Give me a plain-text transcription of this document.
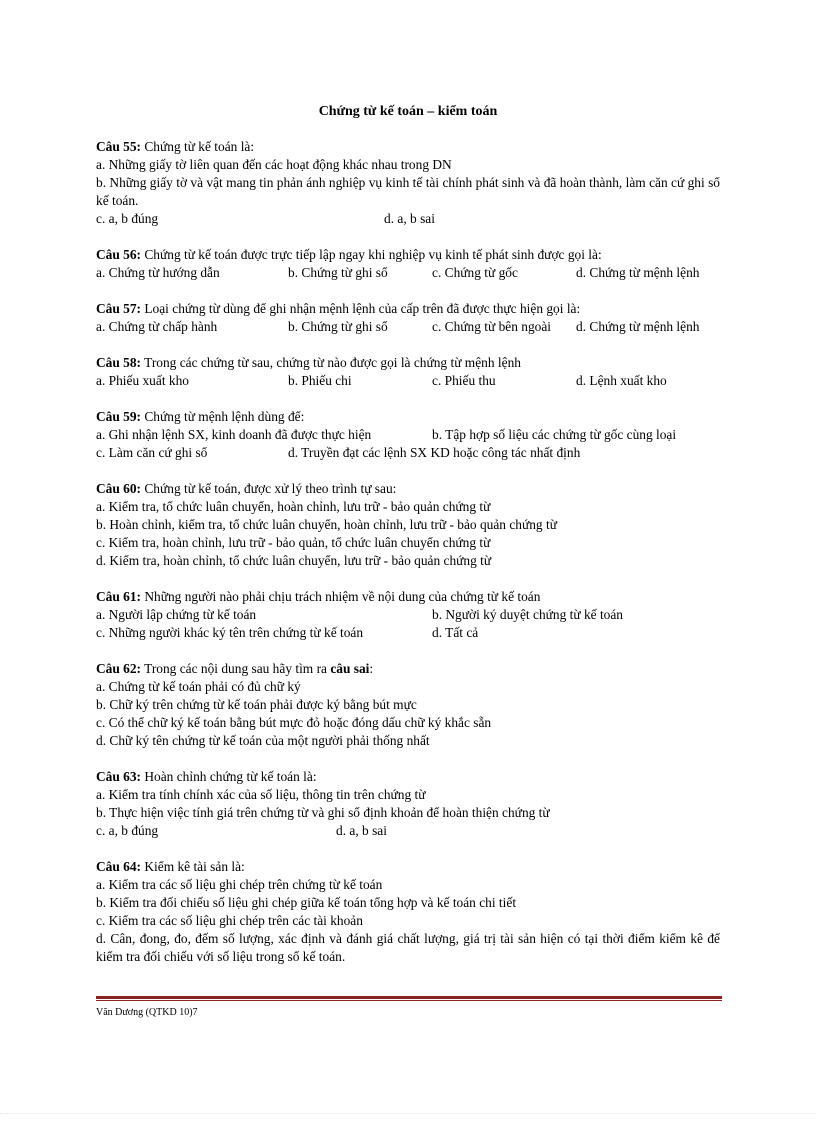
Chứng từ kế toán – kiểm toán
Câu 55: Chứng từ kế toán là:
a. Những giấy tờ liên quan đến các hoạt động khác nhau trong DN
b. Những giấy tờ và vật mang tin phản ánh nghiệp vụ kinh tế tài chính phát sinh và đã hoàn thành, làm căn cứ ghi sổ kế toán.
c. a, b đúng	d. a, b sai
Câu 56: Chứng từ kế toán được trực tiếp lập ngay khi nghiệp vụ kinh tế phát sinh được gọi là:
a. Chứng từ hướng dẫn	b. Chứng từ ghi sổ	c. Chứng từ gốc	d. Chứng từ mệnh lệnh
Câu 57: Loại chứng từ dùng để ghi nhận mệnh lệnh của cấp trên đã được thực hiện gọi là:
a. Chứng từ chấp hành	b. Chứng từ ghi sổ	c. Chứng từ bên ngoài	d. Chứng từ mệnh lệnh
Câu 58: Trong các chứng từ sau, chứng từ nào được gọi là chứng từ mệnh lệnh
a. Phiếu xuất kho	b. Phiếu chi	c. Phiếu thu	d. Lệnh xuất kho
Câu 59: Chứng từ mệnh lệnh dùng để:
a. Ghi nhận lệnh SX, kinh doanh đã được thực hiện	b. Tập hợp số liệu các chứng từ gốc cùng loại
c. Làm căn cứ ghi sổ	d. Truyền đạt các lệnh SX KD hoặc công tác nhất định
Câu 60: Chứng từ kế toán, được xử lý theo trình tự sau:
a. Kiểm tra, tổ chức luân chuyển, hoàn chỉnh, lưu trữ - bảo quản chứng từ
b. Hoàn chỉnh, kiểm tra, tổ chức luân chuyển, hoàn chỉnh, lưu trữ - bảo quản chứng từ
c. Kiểm tra, hoàn chỉnh, lưu trữ - bảo quản, tổ chức luân chuyển chứng từ
d. Kiểm tra, hoàn chỉnh, tổ chức luân chuyển, lưu trữ - bảo quản chứng từ
Câu 61: Những người nào phải chịu trách nhiệm về nội dung của chứng từ kế toán
a. Người lập chứng từ kế toán	b. Người ký duyệt chứng từ kế toán
c. Những người khác ký tên trên chứng từ kế toán	d. Tất cả
Câu 62: Trong các nội dung sau hãy tìm ra câu sai:
a. Chứng từ kế toán phải có đủ chữ ký
b. Chữ ký trên chứng từ kế toán phải được ký bằng bút mực
c. Có thể chữ ký kế toán bằng bút mực đỏ hoặc đóng dấu chữ ký khắc sẵn
d. Chữ ký tên chứng từ kế toán của một người phải thống nhất
Câu 63: Hoàn chỉnh chứng từ kế toán là:
a. Kiểm tra tính chính xác của số liệu, thông tin trên chứng từ
b. Thực hiện việc tính giá trên chứng từ và ghi sổ định khoản để hoàn thiện chứng từ
c. a, b đúng	d. a, b sai
Câu 64: Kiểm kê tài sản là:
a. Kiểm tra các số liệu ghi chép trên chứng từ kế toán
b. Kiểm tra đối chiếu số liệu ghi chép giữa kế toán tổng hợp và kế toán chi tiết
c. Kiểm tra các số liệu ghi chép trên các tài khoản
d. Cân, đong, đo, đếm số lượng, xác định và đánh giá chất lượng, giá trị tài sản hiện có tại thời điểm kiểm kê để kiểm tra đối chiếu với số liệu trong sổ kế toán.
Văn Dương (QTKD 10)7
